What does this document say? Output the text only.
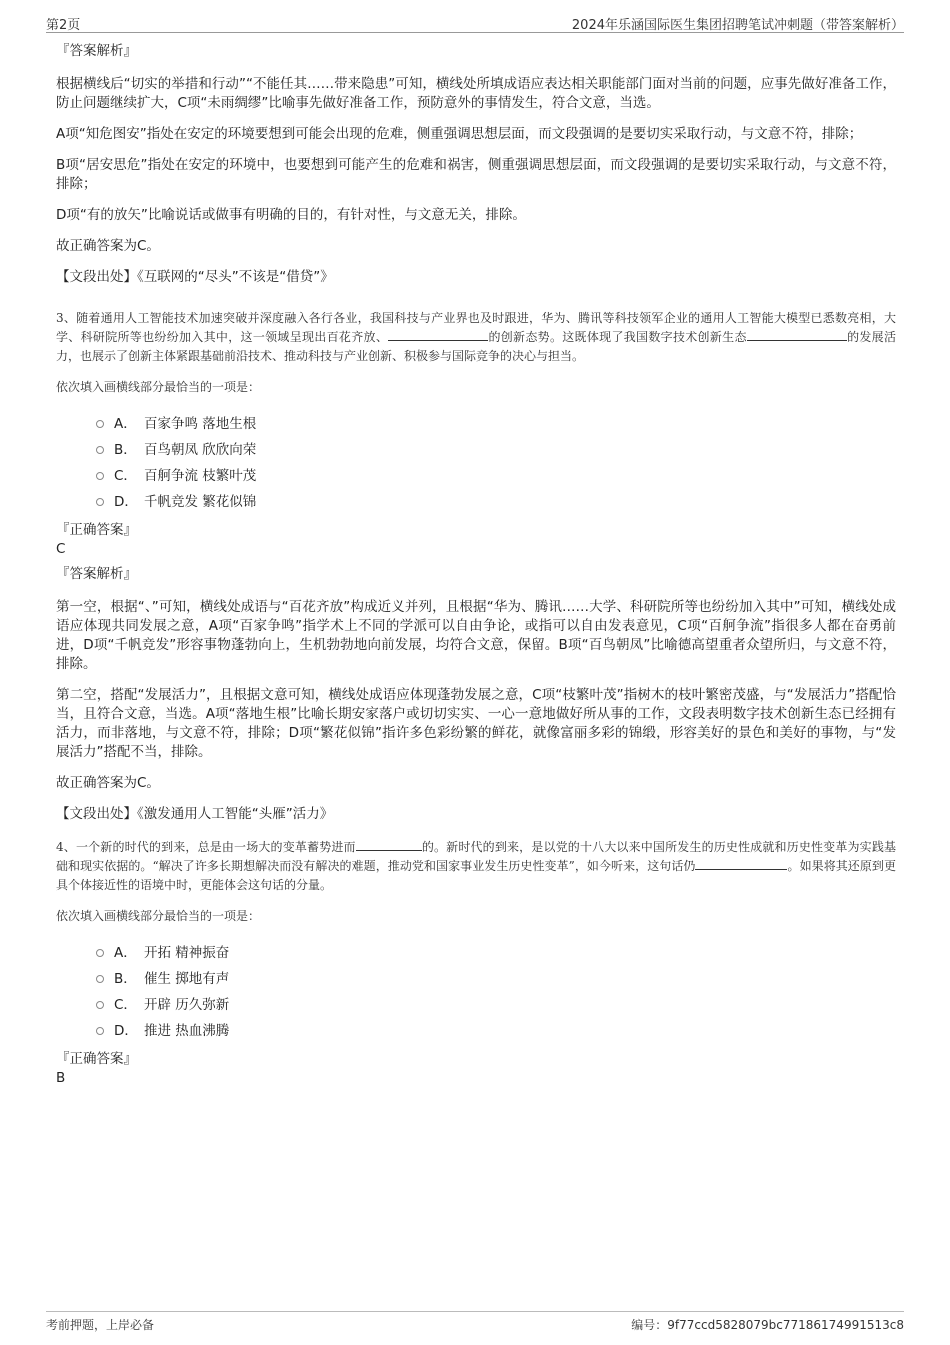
第2页	2024年乐涵国际医生集团招聘笔试冲刺题（带答案解析）

『答案解析』

根据横线后“切实的举措和行动”“不能任其……带来隐患”可知，横线处所填成语应表达相关职能部门面对当前的问题，应事先做好准备工作，防止问题继续扩大，C项“未雨绸缪”比喻事先做好准备工作，预防意外的事情发生，符合文意，当选。

A项“知危图安”指处在安定的环境要想到可能会出现的危难，侧重强调思想层面，而文段强调的是要切实采取行动，与文意不符，排除；

B项“居安思危”指处在安定的环境中，也要想到可能产生的危难和祸害，侧重强调思想层面，而文段强调的是要切实采取行动，与文意不符，排除；

D项“有的放矢”比喻说话或做事有明确的目的，有针对性，与文意无关，排除。

故正确答案为C。

【文段出处】《互联网的“尽头”不该是“借贷”》

3、随着通用人工智能技术加速突破并深度融入各行各业，我国科技与产业界也及时跟进，华为、腾讯等科技领军企业的通用人工智能大模型已悉数亮相，大学、科研院所等也纷纷加入其中，这一领域呈现出百花齐放、	的创新态势。这既体现了我国数字技术创新生态	的发展活力，也展示了创新主体紧跟基础前沿技术、推动科技与产业创新、积极参与国际竞争的决心与担当。

依次填入画横线部分最恰当的一项是：

A． 百家争鸣 落地生根
B． 百鸟朝凤 欣欣向荣
C． 百舸争流 枝繁叶茂
D． 千帆竞发 繁花似锦

『正确答案』

C

『答案解析』

第一空，根据“、”可知，横线处成语与“百花齐放”构成近义并列，且根据“华为、腾讯……大学、科研院所等也纷纷加入其中”可知，横线处成语应体现共同发展之意，A项“百家争鸣”指学术上不同的学派可以自由争论，或指可以自由发表意见，C项“百舸争流”指很多人都在奋勇前进，D项“千帆竞发”形容事物蓬勃向上，生机勃勃地向前发展，均符合文意，保留。B项“百鸟朝凤”比喻德高望重者众望所归，与文意不符，排除。

第二空，搭配“发展活力”，且根据文意可知，横线处成语应体现蓬勃发展之意，C项“枝繁叶茂”指树木的枝叶繁密茂盛，与“发展活力”搭配恰当，且符合文意，当选。A项“落地生根”比喻长期安家落户或切切实实、一心一意地做好所从事的工作，文段表明数字技术创新生态已经拥有活力，而非落地，与文意不符，排除；D项“繁花似锦”指许多色彩纷繁的鲜花，就像富丽多彩的锦缎，形容美好的景色和美好的事物，与“发展活力”搭配不当，排除。

故正确答案为C。

【文段出处】《激发通用人工智能“头雁”活力》

4、一个新的时代的到来，总是由一场大的变革蓄势进而	的。新时代的到来，是以党的十八大以来中国所发生的历史性成就和历史性变革为实践基础和现实依据的。“解决了许多长期想解决而没有解决的难题，推动党和国家事业发生历史性变革”，如今听来，这句话仍	。如果将其还原到更具个体接近性的语境中时，更能体会这句话的分量。

依次填入画横线部分最恰当的一项是：

A． 开拓 精神振奋
B． 催生 掷地有声
C． 开辟 历久弥新
D． 推进 热血沸腾

『正确答案』

B

考前押题，上岸必备	编号：9f77ccd5828079bc77186174991513c8
